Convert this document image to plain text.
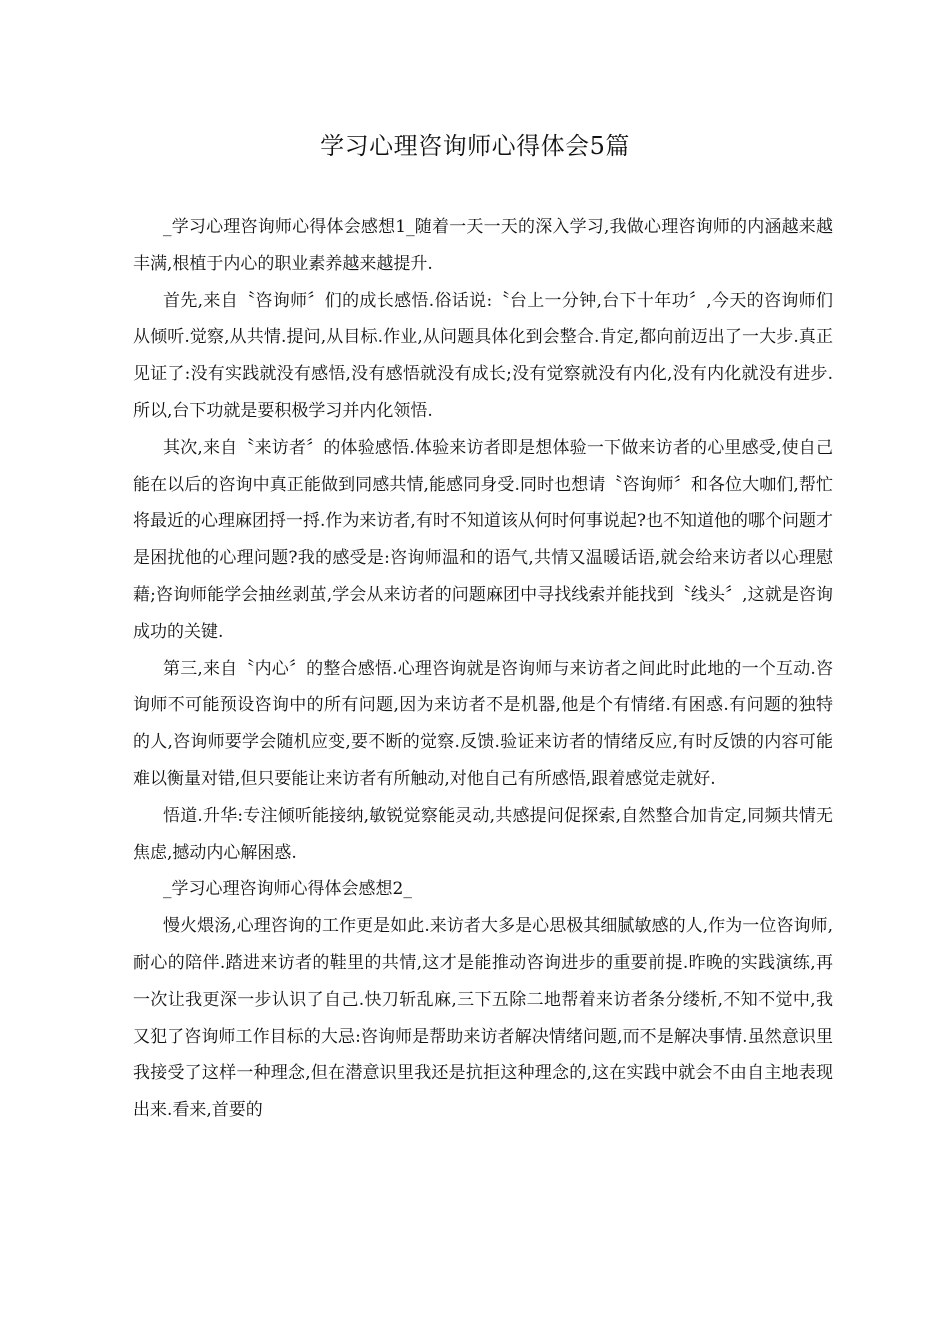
学习心理咨询师心得体会5篇

_学习心理咨询师心得体会感想1_随着一天一天的深入学习,我做心理咨询师的内涵越来越丰满,根植于内心的职业素养越来越提升.

首先,来自〝咨询师〞们的成长感悟.俗话说:〝台上一分钟,台下十年功〞,今天的咨询师们从倾听.觉察,从共情.提问,从目标.作业,从问题具体化到会整合.肯定,都向前迈出了一大步.真正见证了:没有实践就没有感悟,没有感悟就没有成长;没有觉察就没有内化,没有内化就没有进步.所以,台下功就是要积极学习并内化领悟.

其次,来自〝来访者〞的体验感悟.体验来访者即是想体验一下做来访者的心里感受,使自己能在以后的咨询中真正能做到同感共情,能感同身受.同时也想请〝咨询师〞和各位大咖们,帮忙将最近的心理麻团捋一捋.作为来访者,有时不知道该从何时何事说起?也不知道他的哪个问题才是困扰他的心理问题?我的感受是:咨询师温和的语气,共情又温暖话语,就会给来访者以心理慰藉;咨询师能学会抽丝剥茧,学会从来访者的问题麻团中寻找线索并能找到〝线头〞,这就是咨询成功的关键.

第三,来自〝内心〞的整合感悟.心理咨询就是咨询师与来访者之间此时此地的一个互动.咨询师不可能预设咨询中的所有问题,因为来访者不是机器,他是个有情绪.有困惑.有问题的独特的人,咨询师要学会随机应变,要不断的觉察.反馈.验证来访者的情绪反应,有时反馈的内容可能难以衡量对错,但只要能让来访者有所触动,对他自己有所感悟,跟着感觉走就好.

悟道.升华:专注倾听能接纳,敏锐觉察能灵动,共感提问促探索,自然整合加肯定,同频共情无焦虑,撼动内心解困惑.

_学习心理咨询师心得体会感想2_

慢火煨汤,心理咨询的工作更是如此.来访者大多是心思极其细腻敏感的人,作为一位咨询师,耐心的陪伴.踏进来访者的鞋里的共情,这才是能推动咨询进步的重要前提.昨晚的实践演练,再一次让我更深一步认识了自己.快刀斩乱麻,三下五除二地帮着来访者条分缕析,不知不觉中,我又犯了咨询师工作目标的大忌:咨询师是帮助来访者解决情绪问题,而不是解决事情.虽然意识里我接受了这样一种理念,但在潜意识里我还是抗拒这种理念的,这在实践中就会不由自主地表现出来.看来,首要的
